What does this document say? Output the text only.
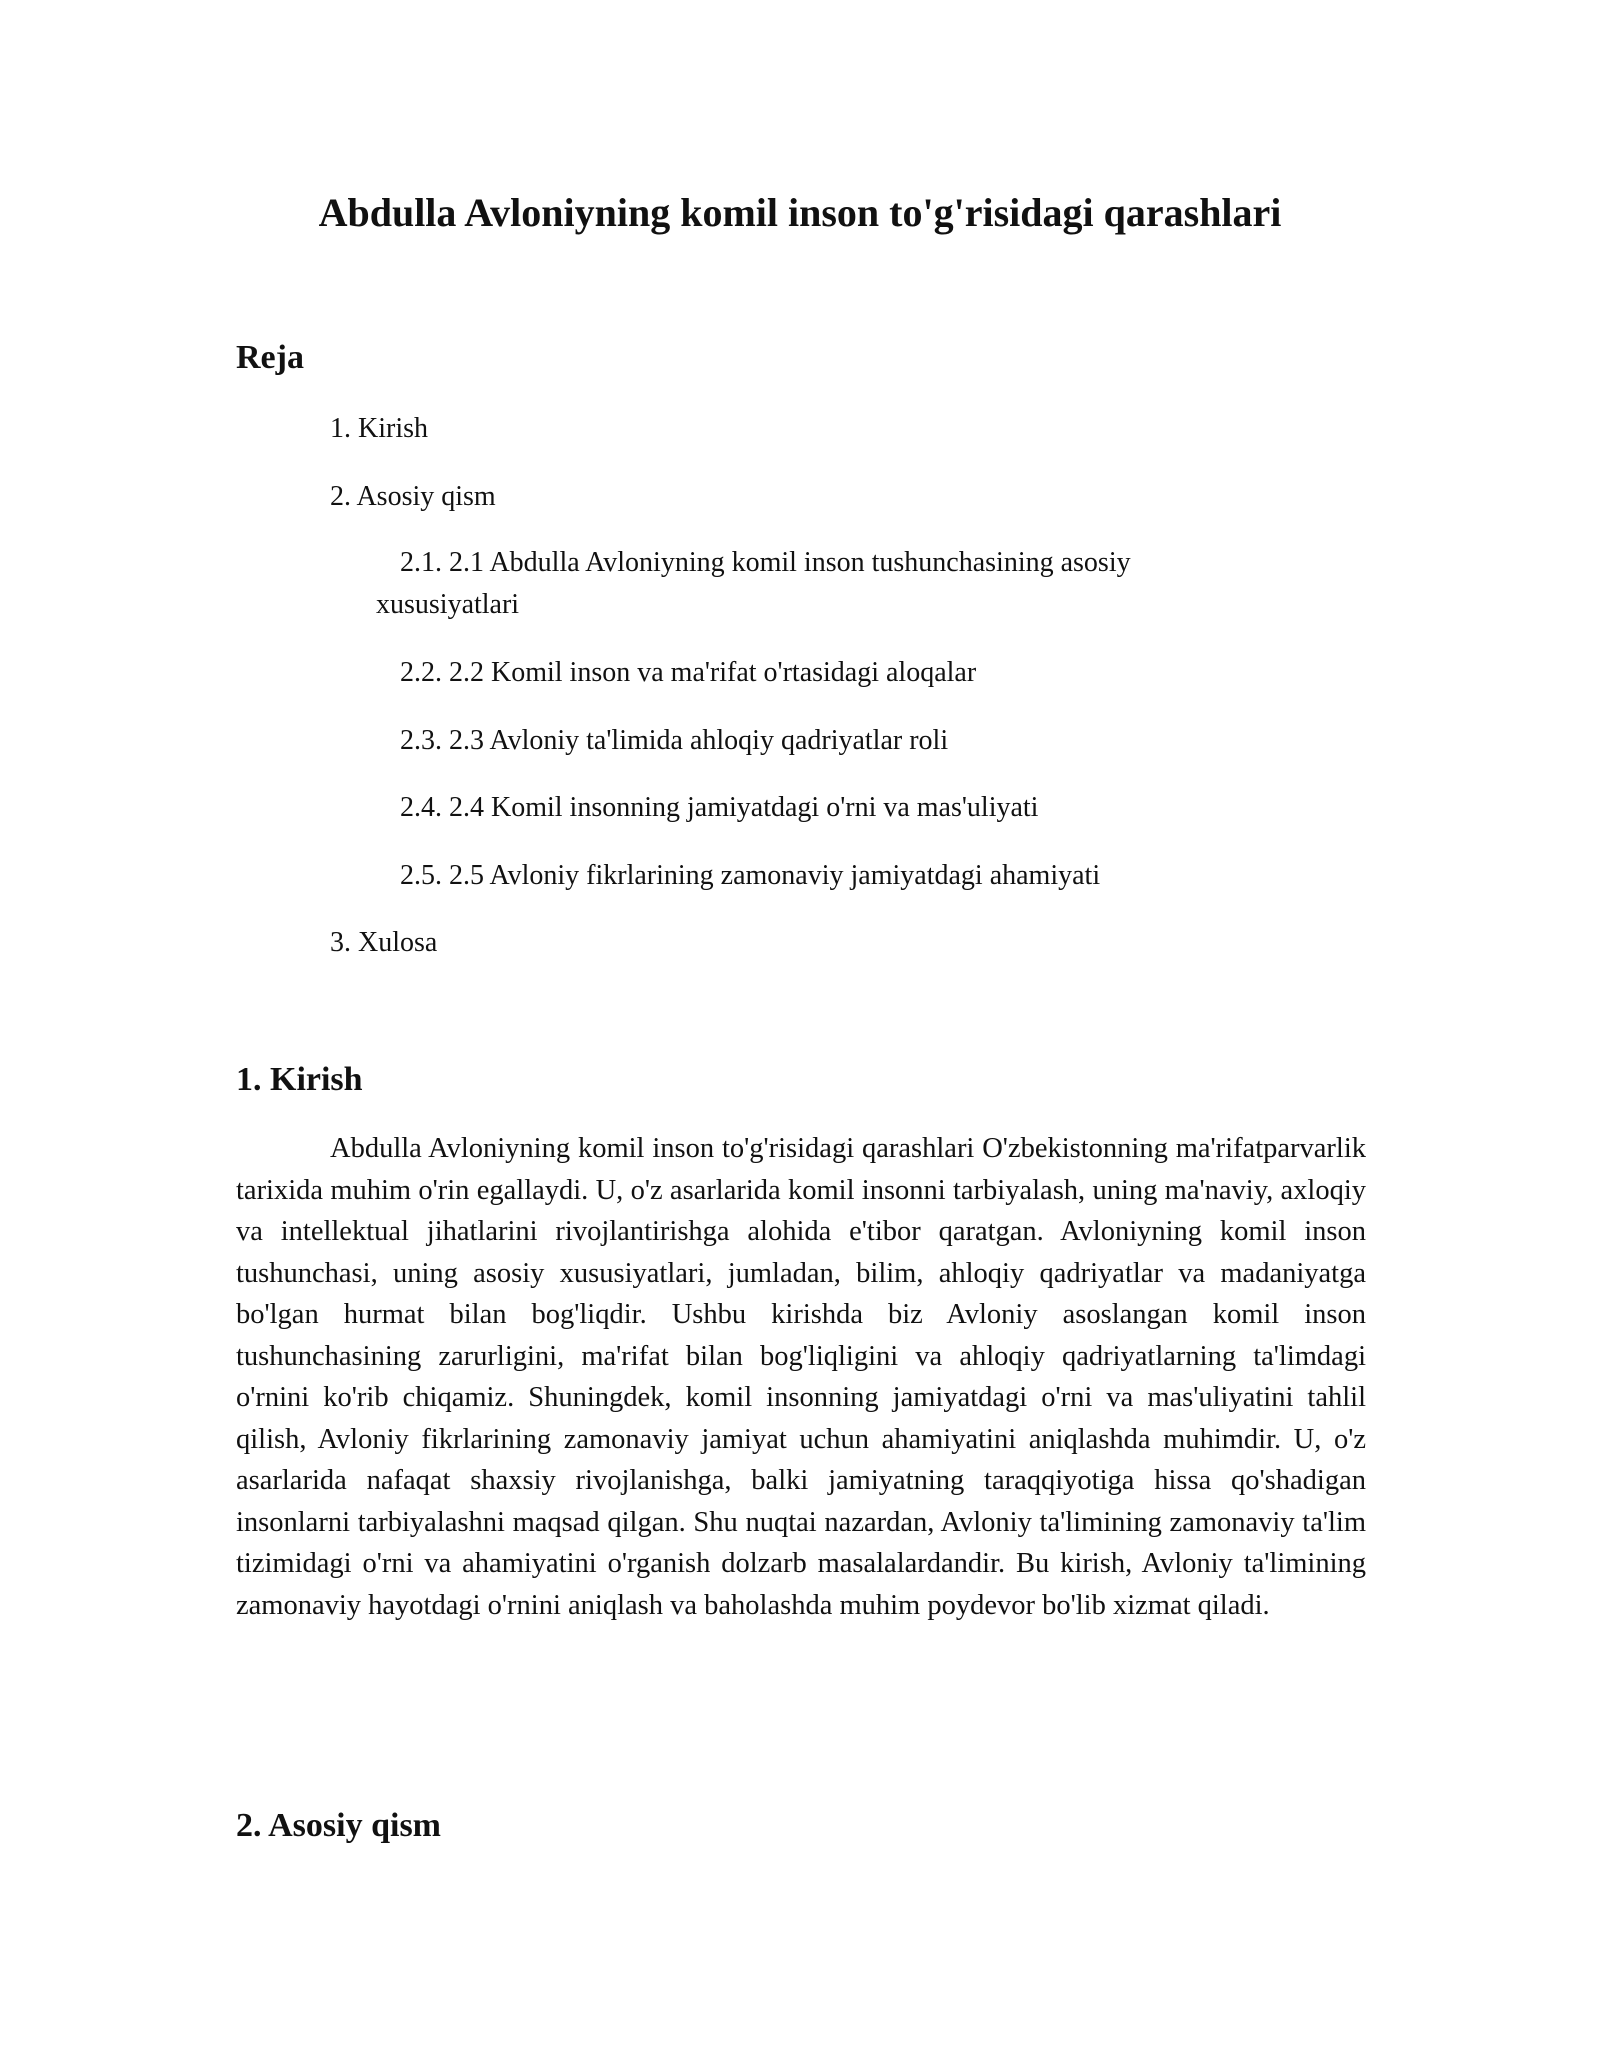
Abdulla Avloniyning komil inson to'g'risidagi qarashlari
Reja

1. Kirish

2. Asosiy qism

2.1. 2.1 Abdulla Avloniyning komil inson tushunchasining asosiy xususiyatlari

2.2. 2.2 Komil inson va ma'rifat o'rtasidagi aloqalar

2.3. 2.3 Avloniy ta'limida ahloqiy qadriyatlar roli

2.4. 2.4 Komil insonning jamiyatdagi o'rni va mas'uliyati

2.5. 2.5 Avloniy fikrlarining zamonaviy jamiyatdagi ahamiyati

3. Xulosa

1. Kirish

Abdulla Avloniyning komil inson to'g'risidagi qarashlari O'zbekistonning ma'rifatparvarlik tarixida muhim o'rin egallaydi. U, o'z asarlarida komil insonni tarbiyalash, uning ma'naviy, axloqiy va intellektual jihatlarini rivojlantirishga alohida e'tibor qaratgan. Avloniyning komil inson tushunchasi, uning asosiy xususiyatlari, jumladan, bilim, ahloqiy qadriyatlar va madaniyatga bo'lgan hurmat bilan bog'liqdir. Ushbu kirishda biz Avloniy asoslangan komil inson tushunchasining zarurligini, ma'rifat bilan bog'liqligini va ahloqiy qadriyatlarning ta'limdagi o'rnini ko'rib chiqamiz. Shuningdek, komil insonning jamiyatdagi o'rni va mas'uliyatini tahlil qilish, Avloniy fikrlarining zamonaviy jamiyat uchun ahamiyatini aniqlashda muhimdir. U, o'z asarlarida nafaqat shaxsiy rivojlanishga, balki jamiyatning taraqqiyotiga hissa qo'shadigan insonlarni tarbiyalashni maqsad qilgan. Shu nuqtai nazardan, Avloniy ta'limining zamonaviy ta'lim tizimidagi o'rni va ahamiyatini o'rganish dolzarb masalalardandir. Bu kirish, Avloniy ta'limining zamonaviy hayotdagi o'rnini aniqlash va baholashda muhim poydevor bo'lib xizmat qiladi.

2. Asosiy qism
